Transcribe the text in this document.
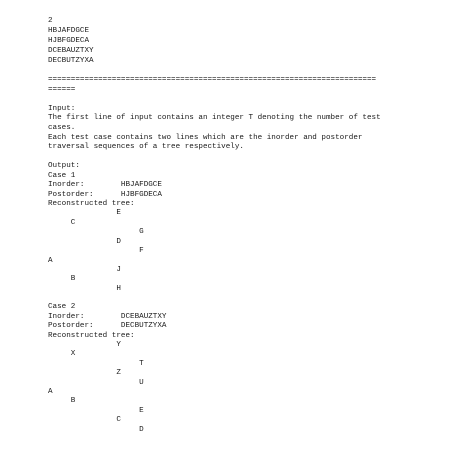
2
HBJAFDGCE
HJBFGDECA
DCEBAUZTXY
DECBUTZYXA
========================================================================
======
Input:
The first line of input contains an integer T denoting the number of test
cases.
Each test case contains two lines which are the inorder and postorder
traversal sequences of a tree respectively.
Output:
Case 1
Inorder:        HBJAFDGCE
Postorder:      HJBFGDECA
Reconstructed tree:
E
C
G
D
F
A
J
B
H
Case 2
Inorder:        DCEBAUZTXY
Postorder:      DECBUTZYXA
Reconstructed tree:
Y
X
T
Z
U
A
B
E
C
D
